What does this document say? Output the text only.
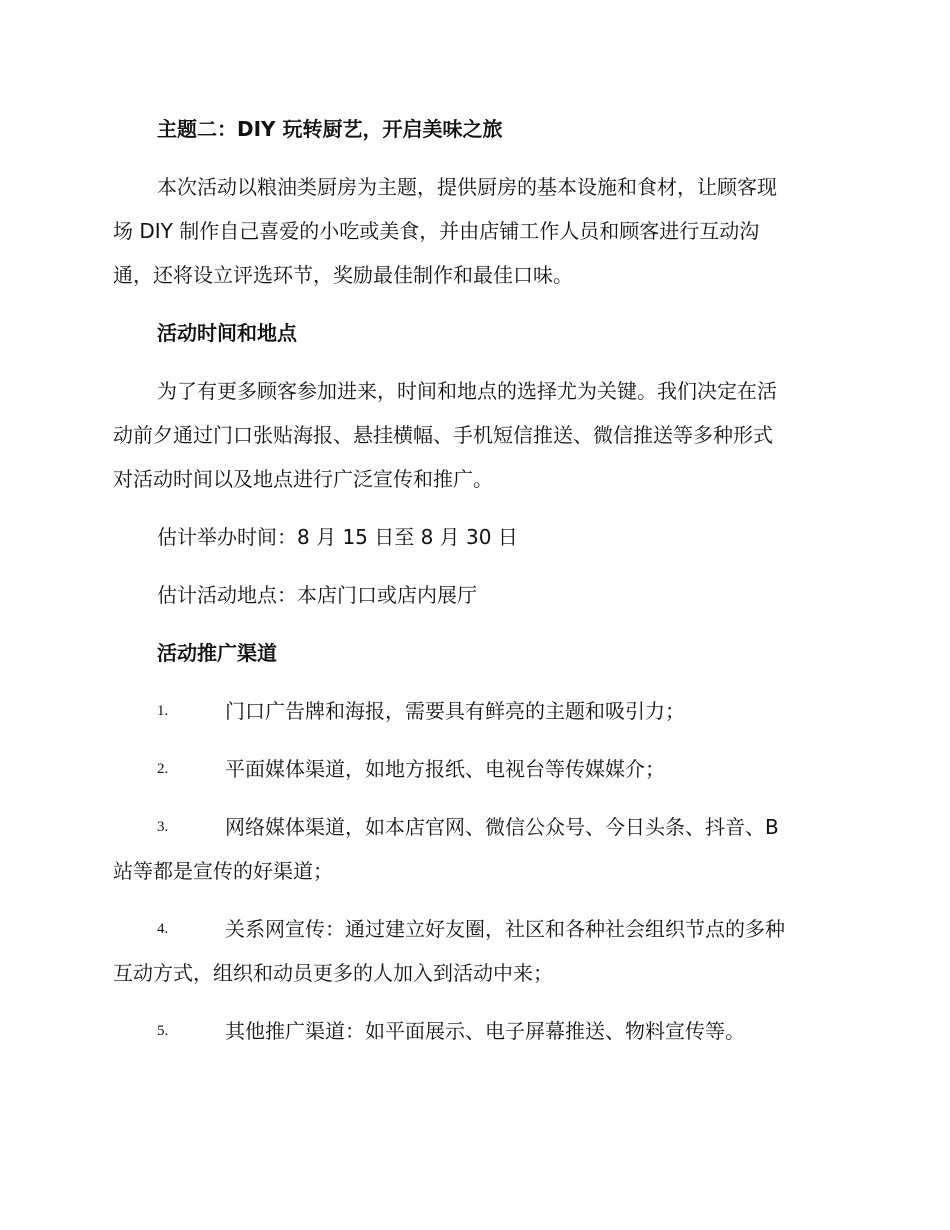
主题二：DIY 玩转厨艺，开启美味之旅
本次活动以粮油类厨房为主题，提供厨房的基本设施和食材，让顾客现
场 DIY 制作自己喜爱的小吃或美食，并由店铺工作人员和顾客进行互动沟
通，还将设立评选环节，奖励最佳制作和最佳口味。
活动时间和地点
为了有更多顾客参加进来，时间和地点的选择尤为关键。我们决定在活
动前夕通过门口张贴海报、悬挂横幅、手机短信推送、微信推送等多种形式
对活动时间以及地点进行广泛宣传和推广。
估计举办时间：8 月 15 日至 8 月 30 日
估计活动地点：本店门口或店内展厅
活动推广渠道
1.	门口广告牌和海报，需要具有鲜亮的主题和吸引力；
2.	平面媒体渠道，如地方报纸、电视台等传媒媒介；
3.	网络媒体渠道，如本店官网、微信公众号、今日头条、抖音、B
站等都是宣传的好渠道；
4.	关系网宣传：通过建立好友圈，社区和各种社会组织节点的多种
互动方式，组织和动员更多的人加入到活动中来；
5.	其他推广渠道：如平面展示、电子屏幕推送、物料宣传等。
